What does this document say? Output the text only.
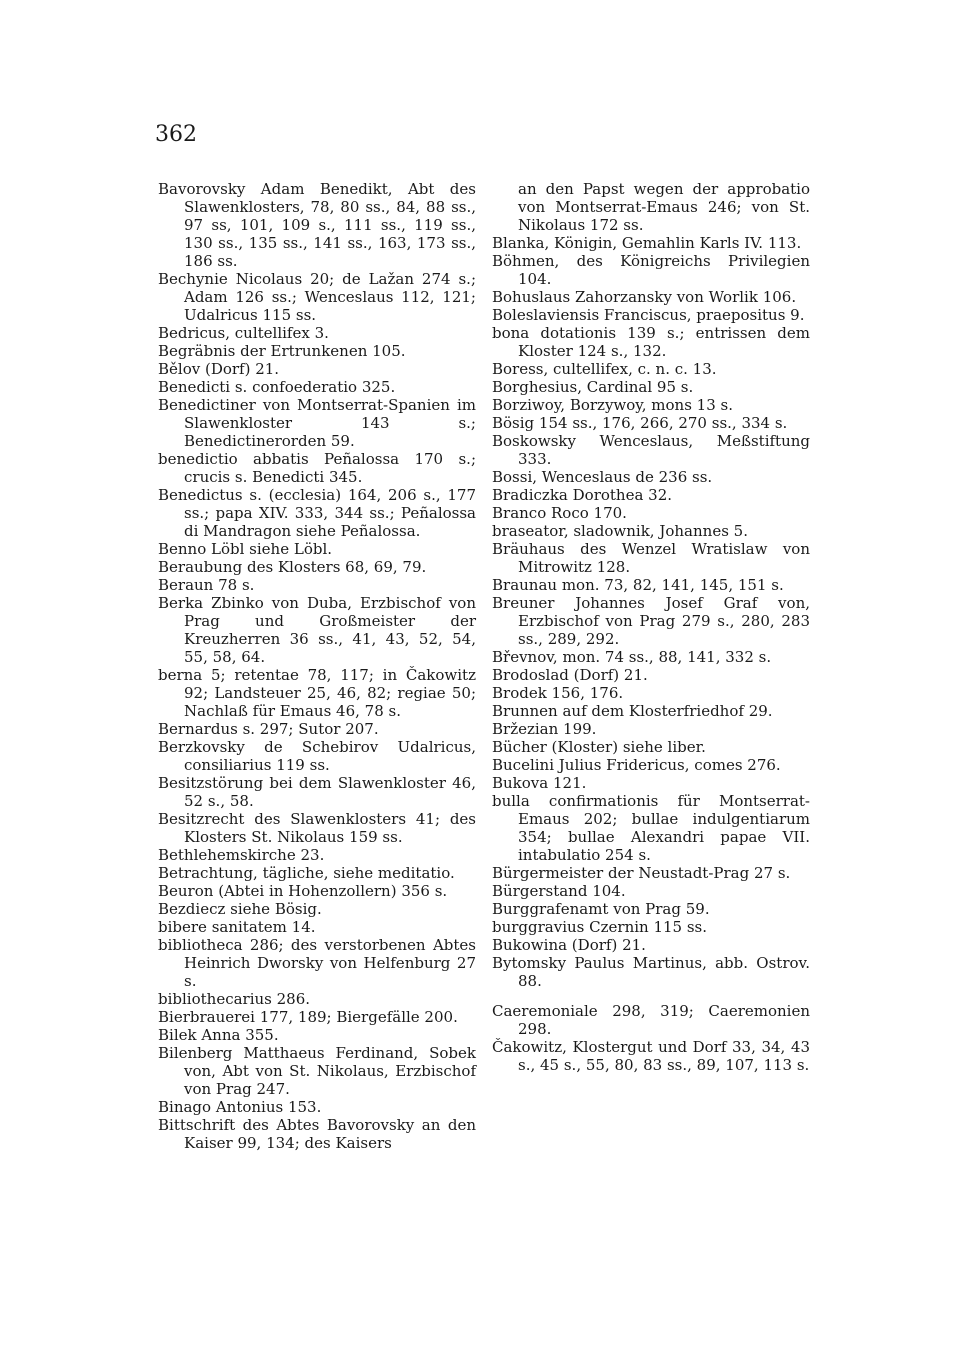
362

Bavorovsky Adam Benedikt, Abt des Slawenklosters, 78, 80 ss., 84, 88 ss., 97 ss, 101, 109 s., 111 ss., 119 ss., 130 ss., 135 ss., 141 ss., 163, 173 ss., 186 ss.

Bechynie Nicolaus 20; de Lažan 274 s.; Adam 126 ss.; Wenceslaus 112, 121; Udalricus 115 ss.

Bedricus, cultellifex 3.

Begräbnis der Ertrunkenen 105.

Bělov (Dorf) 21.

Benedicti s. confoederatio 325.

Benedictiner von Montserrat-Spanien im Slawenkloster 143 s.; Benedictinerorden 59.

benedictio abbatis Peñalossa 170 s.; crucis s. Benedicti 345.

Benedictus s. (ecclesia) 164, 206 s., 177 ss.; papa XIV. 333, 344 ss.; Peñalossa di Mandragon siehe Peñalossa.

Benno Löbl siehe Löbl.

Beraubung des Klosters 68, 69, 79.

Beraun 78 s.

Berka Zbinko von Duba, Erzbischof von Prag und Großmeister der Kreuzherren 36 ss., 41, 43, 52, 54, 55, 58, 64.

berna 5; retentae 78, 117; in Čakowitz 92; Landsteuer 25, 46, 82; regiae 50; Nachlaß für Emaus 46, 78 s.

Bernardus s. 297; Sutor 207.

Berzkovsky de Schebirov Udalricus, consiliarius 119 ss.

Besitzstörung bei dem Slawenkloster 46, 52 s., 58.

Besitzrecht des Slawenklosters 41; des Klosters St. Nikolaus 159 ss.

Bethlehemskirche 23.

Betrachtung, tägliche, siehe meditatio.

Beuron (Abtei in Hohenzollern) 356 s.

Bezdiecz siehe Bösig.

bibere sanitatem 14.

bibliotheca 286; des verstorbenen Abtes Heinrich Dworsky von Helfenburg 27 s.

bibliothecarius 286.

Bierbrauerei 177, 189; Biergefälle 200.

Bilek Anna 355.

Bilenberg Matthaeus Ferdinand, Sobek von, Abt von St. Nikolaus, Erzbischof von Prag 247.

Binago Antonius 153.

Bittschrift des Abtes Bavorovsky an den Kaiser 99, 134; des Kaisers

an den Papst wegen der approbatio von Montserrat-Emaus 246; von St. Nikolaus 172 ss.

Blanka, Königin, Gemahlin Karls IV. 113.

Böhmen, des Königreichs Privilegien 104.

Bohuslaus Zahorzansky von Worlik 106.

Boleslaviensis Franciscus, praepositus 9.

bona dotationis 139 s.; entrissen dem Kloster 124 s., 132.

Boress, cultellifex, c. n. c. 13.

Borghesius, Cardinal 95 s.

Borziwoy, Borzywoy, mons 13 s.

Bösig 154 ss., 176, 266, 270 ss., 334 s.

Boskowsky Wenceslaus, Meßstiftung 333.

Bossi, Wenceslaus de 236 ss.

Bradiczka Dorothea 32.

Branco Roco 170.

braseator, sladownik, Johannes 5.

Bräuhaus des Wenzel Wratislaw von Mitrowitz 128.

Braunau mon. 73, 82, 141, 145, 151 s.

Breuner Johannes Josef Graf von, Erzbischof von Prag 279 s., 280, 283 ss., 289, 292.

Břevnov, mon. 74 ss., 88, 141, 332 s.

Brodoslad (Dorf) 21.

Brodek 156, 176.

Brunnen auf dem Klosterfriedhof 29.

Bržezian 199.

Bücher (Kloster) siehe liber.

Bucelini Julius Fridericus, comes 276.

Bukova 121.

bulla confirmationis für Montserrat-Emaus 202; bullae indulgentiarum 354; bullae Alexandri papae VII. intabulatio 254 s.

Bürgermeister der Neustadt-Prag 27 s.

Bürgerstand 104.

Burggrafenamt von Prag 59.

burggravius Czernin 115 ss.

Bukowina (Dorf) 21.

Bytomsky Paulus Martinus, abb. Ostrov. 88.

Caeremoniale 298, 319; Caeremonien 298.

Čakowitz, Klostergut und Dorf 33, 34, 43 s., 45 s., 55, 80, 83 ss., 89, 107, 113 s.
